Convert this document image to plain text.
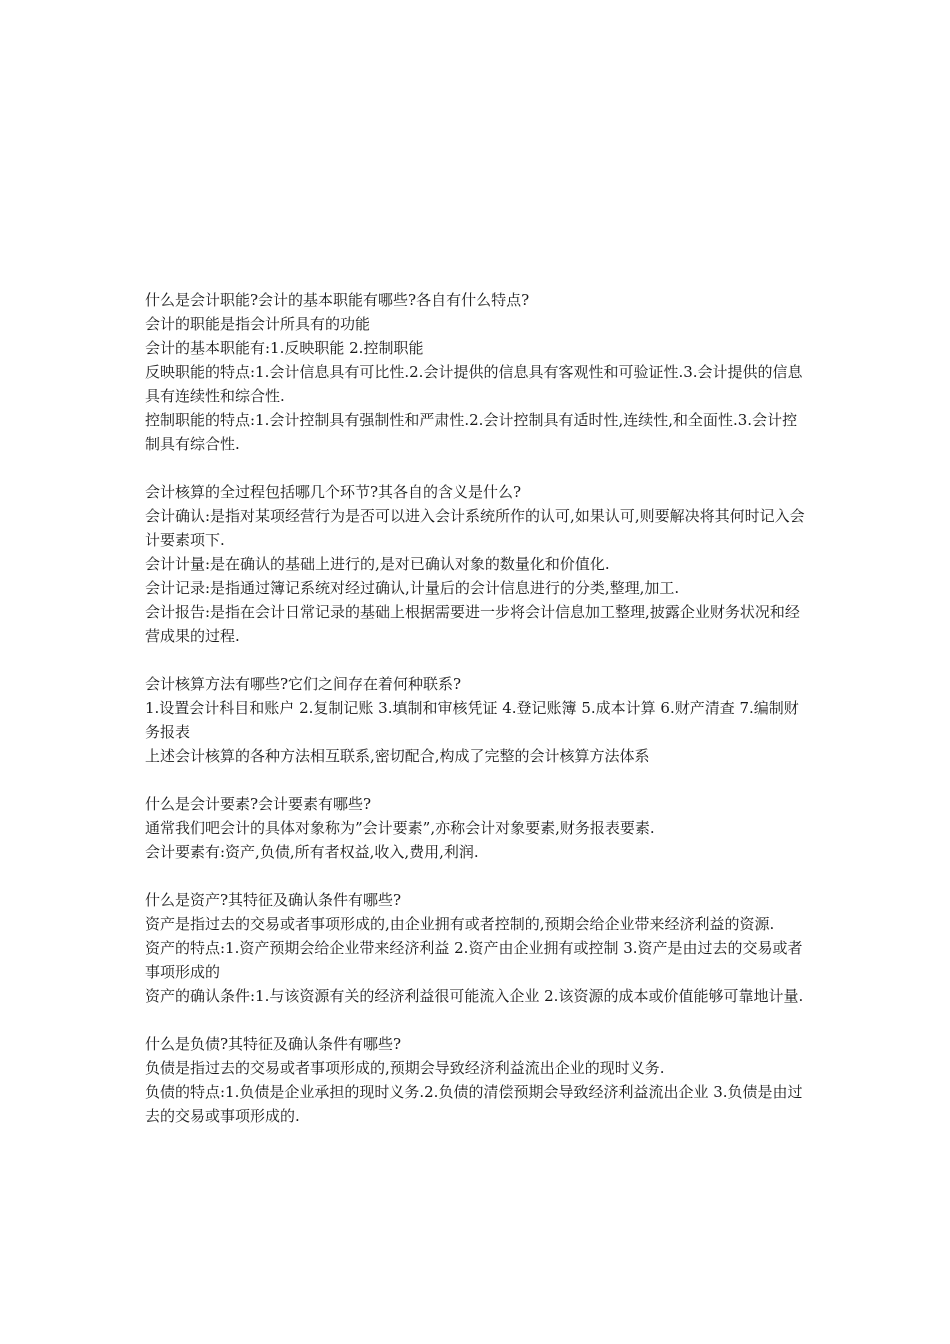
什么是会计职能?会计的基本职能有哪些?各自有什么特点?

会计的职能是指会计所具有的功能

会计的基本职能有:1.反映职能 2.控制职能

反映职能的特点:1.会计信息具有可比性.2.会计提供的信息具有客观性和可验证性.3.会计提供的信息具有连续性和综合性.

控制职能的特点:1.会计控制具有强制性和严肃性.2.会计控制具有适时性,连续性,和全面性.3.会计控制具有综合性.

会计核算的全过程包括哪几个环节?其各自的含义是什么?

会计确认:是指对某项经营行为是否可以进入会计系统所作的认可,如果认可,则要解决将其何时记入会计要素项下.

会计计量:是在确认的基础上进行的,是对已确认对象的数量化和价值化.

会计记录:是指通过簿记系统对经过确认,计量后的会计信息进行的分类,整理,加工.

会计报告:是指在会计日常记录的基础上根据需要进一步将会计信息加工整理,披露企业财务状况和经营成果的过程.

会计核算方法有哪些?它们之间存在着何种联系?

1.设置会计科目和账户 2.复制记账 3.填制和审核凭证 4.登记账簿 5.成本计算 6.财产清查 7.编制财务报表

上述会计核算的各种方法相互联系,密切配合,构成了完整的会计核算方法体系

什么是会计要素?会计要素有哪些?

通常我们吧会计的具体对象称为”会计要素”,亦称会计对象要素,财务报表要素.

会计要素有:资产,负债,所有者权益,收入,费用,利润.

什么是资产?其特征及确认条件有哪些?

资产是指过去的交易或者事项形成的,由企业拥有或者控制的,预期会给企业带来经济利益的资源.

资产的特点:1.资产预期会给企业带来经济利益 2.资产由企业拥有或控制 3.资产是由过去的交易或者事项形成的

资产的确认条件:1.与该资源有关的经济利益很可能流入企业 2.该资源的成本或价值能够可靠地计量.

什么是负债?其特征及确认条件有哪些?

负债是指过去的交易或者事项形成的,预期会导致经济利益流出企业的现时义务.

负债的特点:1.负债是企业承担的现时义务.2.负债的清偿预期会导致经济利益流出企业 3.负债是由过去的交易或事项形成的.
